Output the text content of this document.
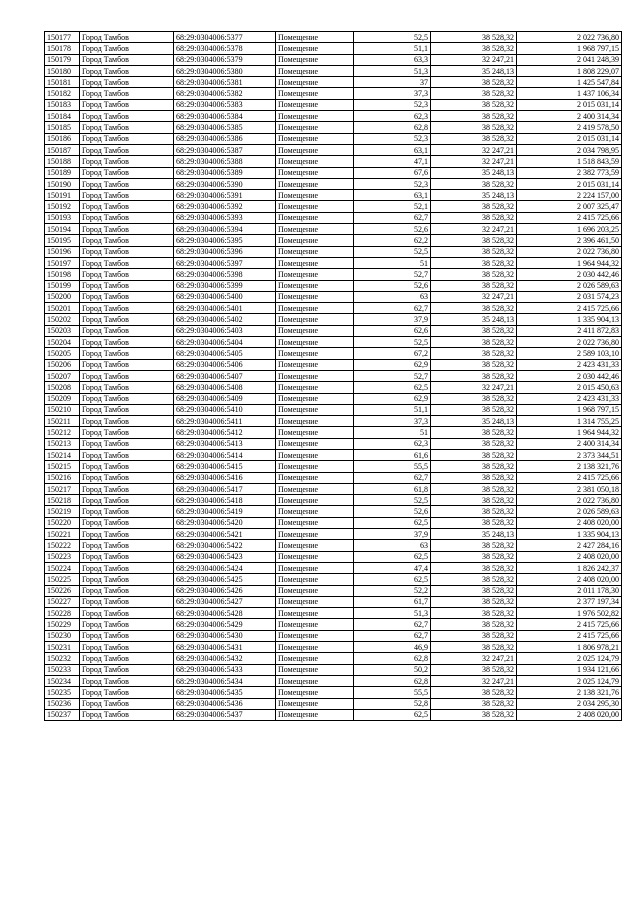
150177	Город Тамбов	68:29:0304006:5377	Помещение	52,5	38 528,32	2 022 736,80
150178	Город Тамбов	68:29:0304006:5378	Помещение	51,1	38 528,32	1 968 797,15
150179	Город Тамбов	68:29:0304006:5379	Помещение	63,3	32 247,21	2 041 248,39
150180	Город Тамбов	68:29:0304006:5380	Помещение	51,3	35 248,13	1 808 229,07
150181	Город Тамбов	68:29:0304006:5381	Помещение	37	38 528,32	1 425 547,84
150182	Город Тамбов	68:29:0304006:5382	Помещение	37,3	38 528,32	1 437 106,34
150183	Город Тамбов	68:29:0304006:5383	Помещение	52,3	38 528,32	2 015 031,14
150184	Город Тамбов	68:29:0304006:5384	Помещение	62,3	38 528,32	2 400 314,34
150185	Город Тамбов	68:29:0304006:5385	Помещение	62,8	38 528,32	2 419 578,50
150186	Город Тамбов	68:29:0304006:5386	Помещение	52,3	38 528,32	2 015 031,14
150187	Город Тамбов	68:29:0304006:5387	Помещение	63,1	32 247,21	2 034 798,95
150188	Город Тамбов	68:29:0304006:5388	Помещение	47,1	32 247,21	1 518 843,59
150189	Город Тамбов	68:29:0304006:5389	Помещение	67,6	35 248,13	2 382 773,59
150190	Город Тамбов	68:29:0304006:5390	Помещение	52,3	38 528,32	2 015 031,14
150191	Город Тамбов	68:29:0304006:5391	Помещение	63,1	35 248,13	2 224 157,00
150192	Город Тамбов	68:29:0304006:5392	Помещение	52,1	38 528,32	2 007 325,47
150193	Город Тамбов	68:29:0304006:5393	Помещение	62,7	38 528,32	2 415 725,66
150194	Город Тамбов	68:29:0304006:5394	Помещение	52,6	32 247,21	1 696 203,25
150195	Город Тамбов	68:29:0304006:5395	Помещение	62,2	38 528,32	2 396 461,50
150196	Город Тамбов	68:29:0304006:5396	Помещение	52,5	38 528,32	2 022 736,80
150197	Город Тамбов	68:29:0304006:5397	Помещение	51	38 528,32	1 964 944,32
150198	Город Тамбов	68:29:0304006:5398	Помещение	52,7	38 528,32	2 030 442,46
150199	Город Тамбов	68:29:0304006:5399	Помещение	52,6	38 528,32	2 026 589,63
150200	Город Тамбов	68:29:0304006:5400	Помещение	63	32 247,21	2 031 574,23
150201	Город Тамбов	68:29:0304006:5401	Помещение	62,7	38 528,32	2 415 725,66
150202	Город Тамбов	68:29:0304006:5402	Помещение	37,9	35 248,13	1 335 904,13
150203	Город Тамбов	68:29:0304006:5403	Помещение	62,6	38 528,32	2 411 872,83
150204	Город Тамбов	68:29:0304006:5404	Помещение	52,5	38 528,32	2 022 736,80
150205	Город Тамбов	68:29:0304006:5405	Помещение	67,2	38 528,32	2 589 103,10
150206	Город Тамбов	68:29:0304006:5406	Помещение	62,9	38 528,32	2 423 431,33
150207	Город Тамбов	68:29:0304006:5407	Помещение	52,7	38 528,32	2 030 442,46
150208	Город Тамбов	68:29:0304006:5408	Помещение	62,5	32 247,21	2 015 450,63
150209	Город Тамбов	68:29:0304006:5409	Помещение	62,9	38 528,32	2 423 431,33
150210	Город Тамбов	68:29:0304006:5410	Помещение	51,1	38 528,32	1 968 797,15
150211	Город Тамбов	68:29:0304006:5411	Помещение	37,3	35 248,13	1 314 755,25
150212	Город Тамбов	68:29:0304006:5412	Помещение	51	38 528,32	1 964 944,32
150213	Город Тамбов	68:29:0304006:5413	Помещение	62,3	38 528,32	2 400 314,34
150214	Город Тамбов	68:29:0304006:5414	Помещение	61,6	38 528,32	2 373 344,51
150215	Город Тамбов	68:29:0304006:5415	Помещение	55,5	38 528,32	2 138 321,76
150216	Город Тамбов	68:29:0304006:5416	Помещение	62,7	38 528,32	2 415 725,66
150217	Город Тамбов	68:29:0304006:5417	Помещение	61,8	38 528,32	2 381 050,18
150218	Город Тамбов	68:29:0304006:5418	Помещение	52,5	38 528,32	2 022 736,80
150219	Город Тамбов	68:29:0304006:5419	Помещение	52,6	38 528,32	2 026 589,63
150220	Город Тамбов	68:29:0304006:5420	Помещение	62,5	38 528,32	2 408 020,00
150221	Город Тамбов	68:29:0304006:5421	Помещение	37,9	35 248,13	1 335 904,13
150222	Город Тамбов	68:29:0304006:5422	Помещение	63	38 528,32	2 427 284,16
150223	Город Тамбов	68:29:0304006:5423	Помещение	62,5	38 528,32	2 408 020,00
150224	Город Тамбов	68:29:0304006:5424	Помещение	47,4	38 528,32	1 826 242,37
150225	Город Тамбов	68:29:0304006:5425	Помещение	62,5	38 528,32	2 408 020,00
150226	Город Тамбов	68:29:0304006:5426	Помещение	52,2	38 528,32	2 011 178,30
150227	Город Тамбов	68:29:0304006:5427	Помещение	61,7	38 528,32	2 377 197,34
150228	Город Тамбов	68:29:0304006:5428	Помещение	51,3	38 528,32	1 976 502,82
150229	Город Тамбов	68:29:0304006:5429	Помещение	62,7	38 528,32	2 415 725,66
150230	Город Тамбов	68:29:0304006:5430	Помещение	62,7	38 528,32	2 415 725,66
150231	Город Тамбов	68:29:0304006:5431	Помещение	46,9	38 528,32	1 806 978,21
150232	Город Тамбов	68:29:0304006:5432	Помещение	62,8	32 247,21	2 025 124,79
150233	Город Тамбов	68:29:0304006:5433	Помещение	50,2	38 528,32	1 934 121,66
150234	Город Тамбов	68:29:0304006:5434	Помещение	62,8	32 247,21	2 025 124,79
150235	Город Тамбов	68:29:0304006:5435	Помещение	55,5	38 528,32	2 138 321,76
150236	Город Тамбов	68:29:0304006:5436	Помещение	52,8	38 528,32	2 034 295,30
150237	Город Тамбов	68:29:0304006:5437	Помещение	62,5	38 528,32	2 408 020,00
